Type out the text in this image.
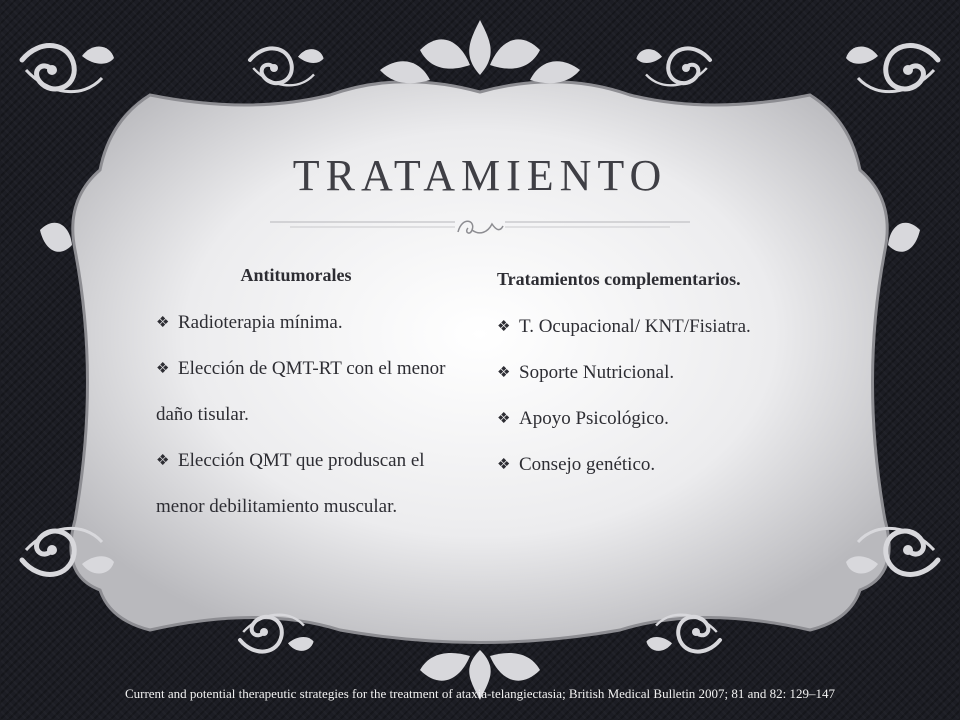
TRATAMIENTO

Antitumorales

❖ Radioterapia mínima.
❖ Elección de QMT-RT con el menor daño tisular.
❖ Elección QMT que produscan el menor debilitamiento muscular.

Tratamientos complementarios.

❖ T. Ocupacional/ KNT/Fisiatra.
❖ Soporte Nutricional.
❖ Apoyo Psicológico.
❖ Consejo genético.

Current and potential therapeutic strategies for the treatment of ataxia-telangiectasia; British Medical Bulletin 2007; 81 and 82: 129–147
